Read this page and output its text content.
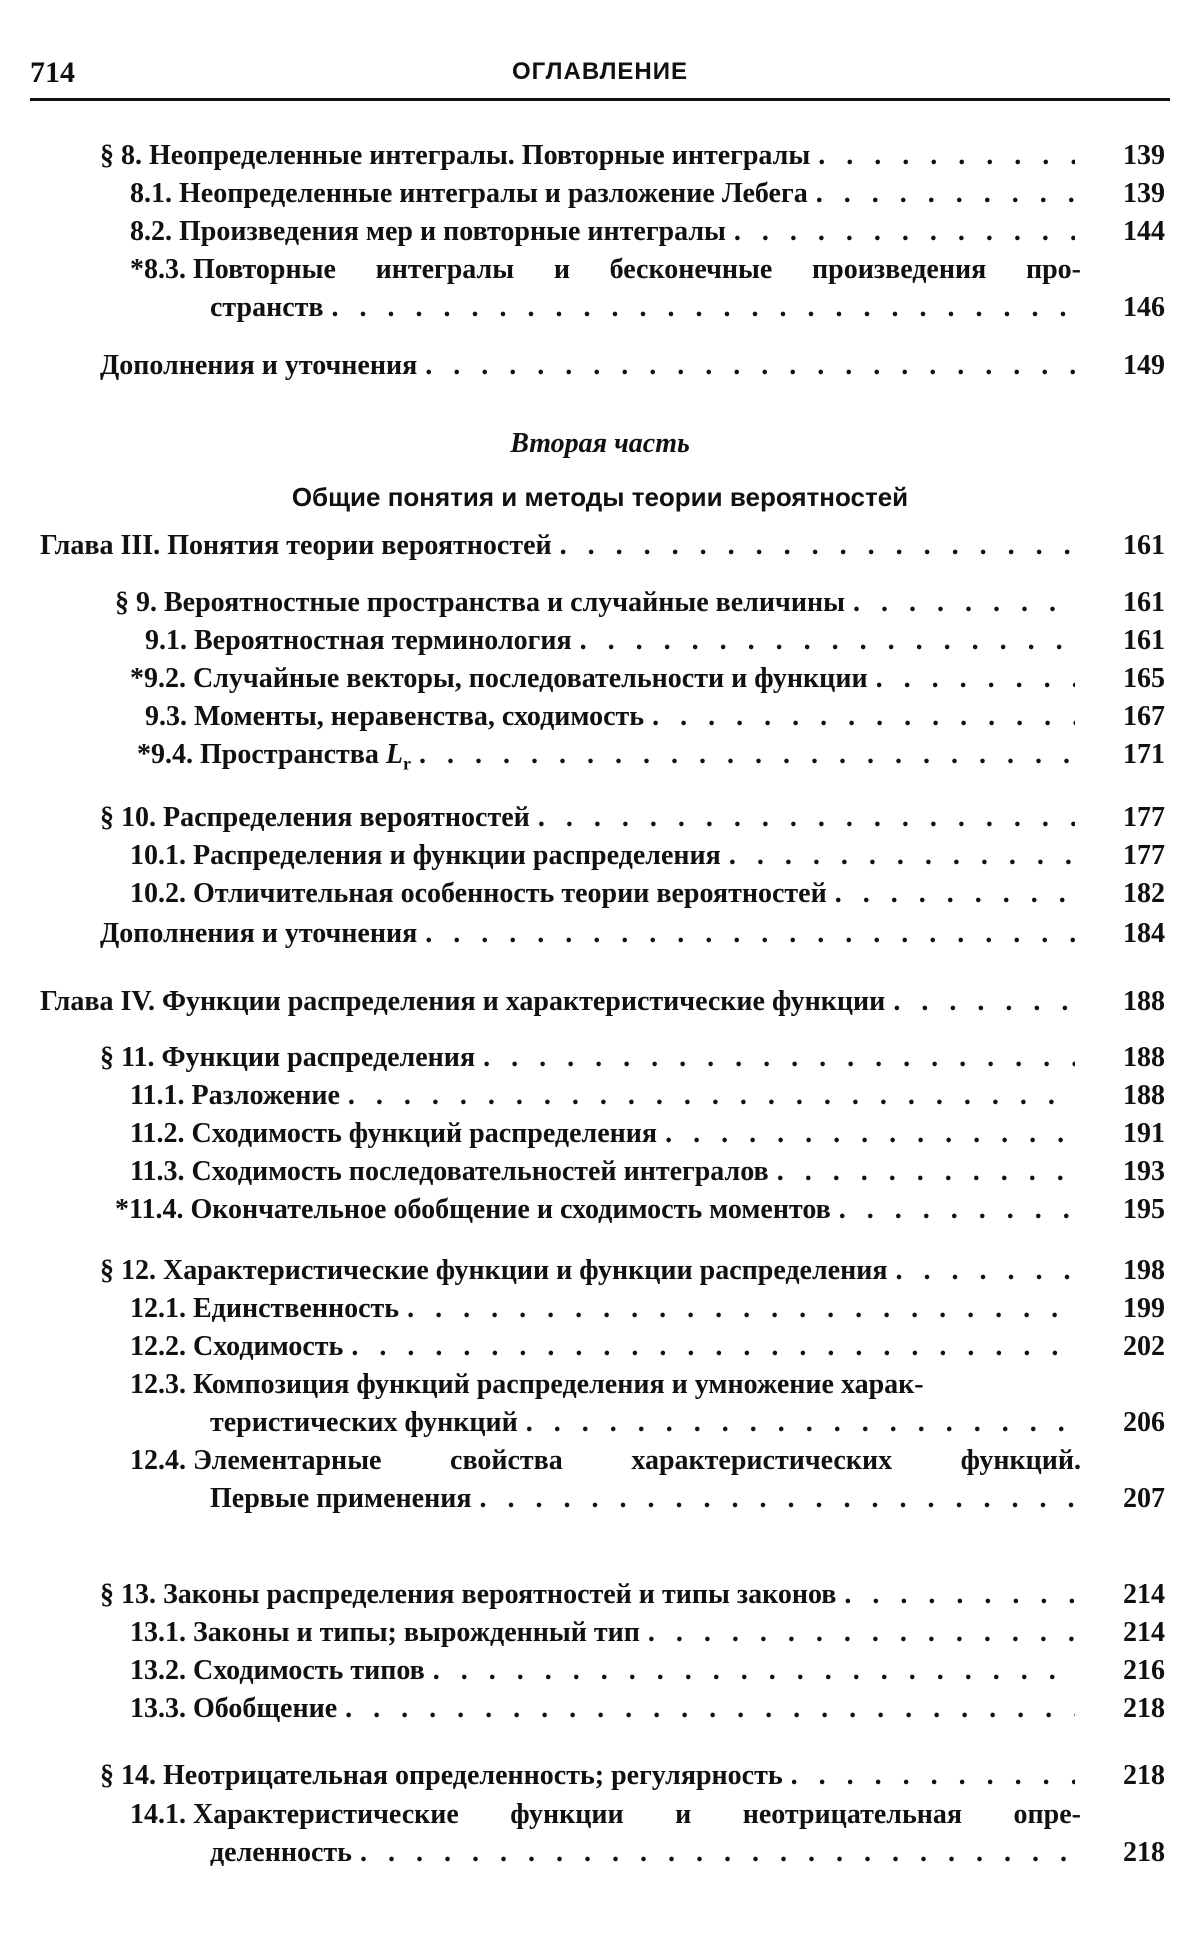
714	ОГЛАВЛЕНИЕ
Вторая часть
Общие понятия и методы теории вероятностей
§ 8. Неопределенные интегралы. Повторные интегралы . . .	139
8.1. Неопределенные интегралы и разложение Лебега . . .	139
8.2. Произведения мер и повторные интегралы . . .	144
*8.3. Повторные интегралы и бесконечные произведения про-
странств . . .	146
Дополнения и уточнения . . .	149
Глава III. Понятия теории вероятностей . . .	161
§ 9. Вероятностные пространства и случайные величины . . .	161
9.1. Вероятностная терминология . . .	161
*9.2. Случайные векторы, последовательности и функции . . .	165
9.3. Моменты, неравенства, сходимость . . .	167
*9.4. Пространства $L_r$ . . .	171
§ 10. Распределения вероятностей . . .	177
10.1. Распределения и функции распределения . . .	177
10.2. Отличительная особенность теории вероятностей . . .	182
Дополнения и уточнения . . .	184
Глава IV. Функции распределения и характеристические функции . . .	188
§ 11. Функции распределения . . .	188
11.1. Разложение . . .	188
11.2. Сходимость функций распределения . . .	191
11.3. Сходимость последовательностей интегралов . . .	193
*11.4. Окончательное обобщение и сходимость моментов . . .	195
§ 12. Характеристические функции и функции распределения . . .	198
12.1. Единственность . . .	199
12.2. Сходимость . . .	202
12.3. Композиция функций распределения и умножение харак-
теристических функций . . .	206
12.4. Элементарные свойства характеристических функций.
Первые применения . . .	207
§ 13. Законы распределения вероятностей и типы законов . . .	214
13.1. Законы и типы; вырожденный тип . . .	214
13.2. Сходимость типов . . .	216
13.3. Обобщение . . .	218
§ 14. Неотрицательная определенность; регулярность . . .	218
14.1. Характеристические функции и неотрицательная опре-
деленность . . .	218
